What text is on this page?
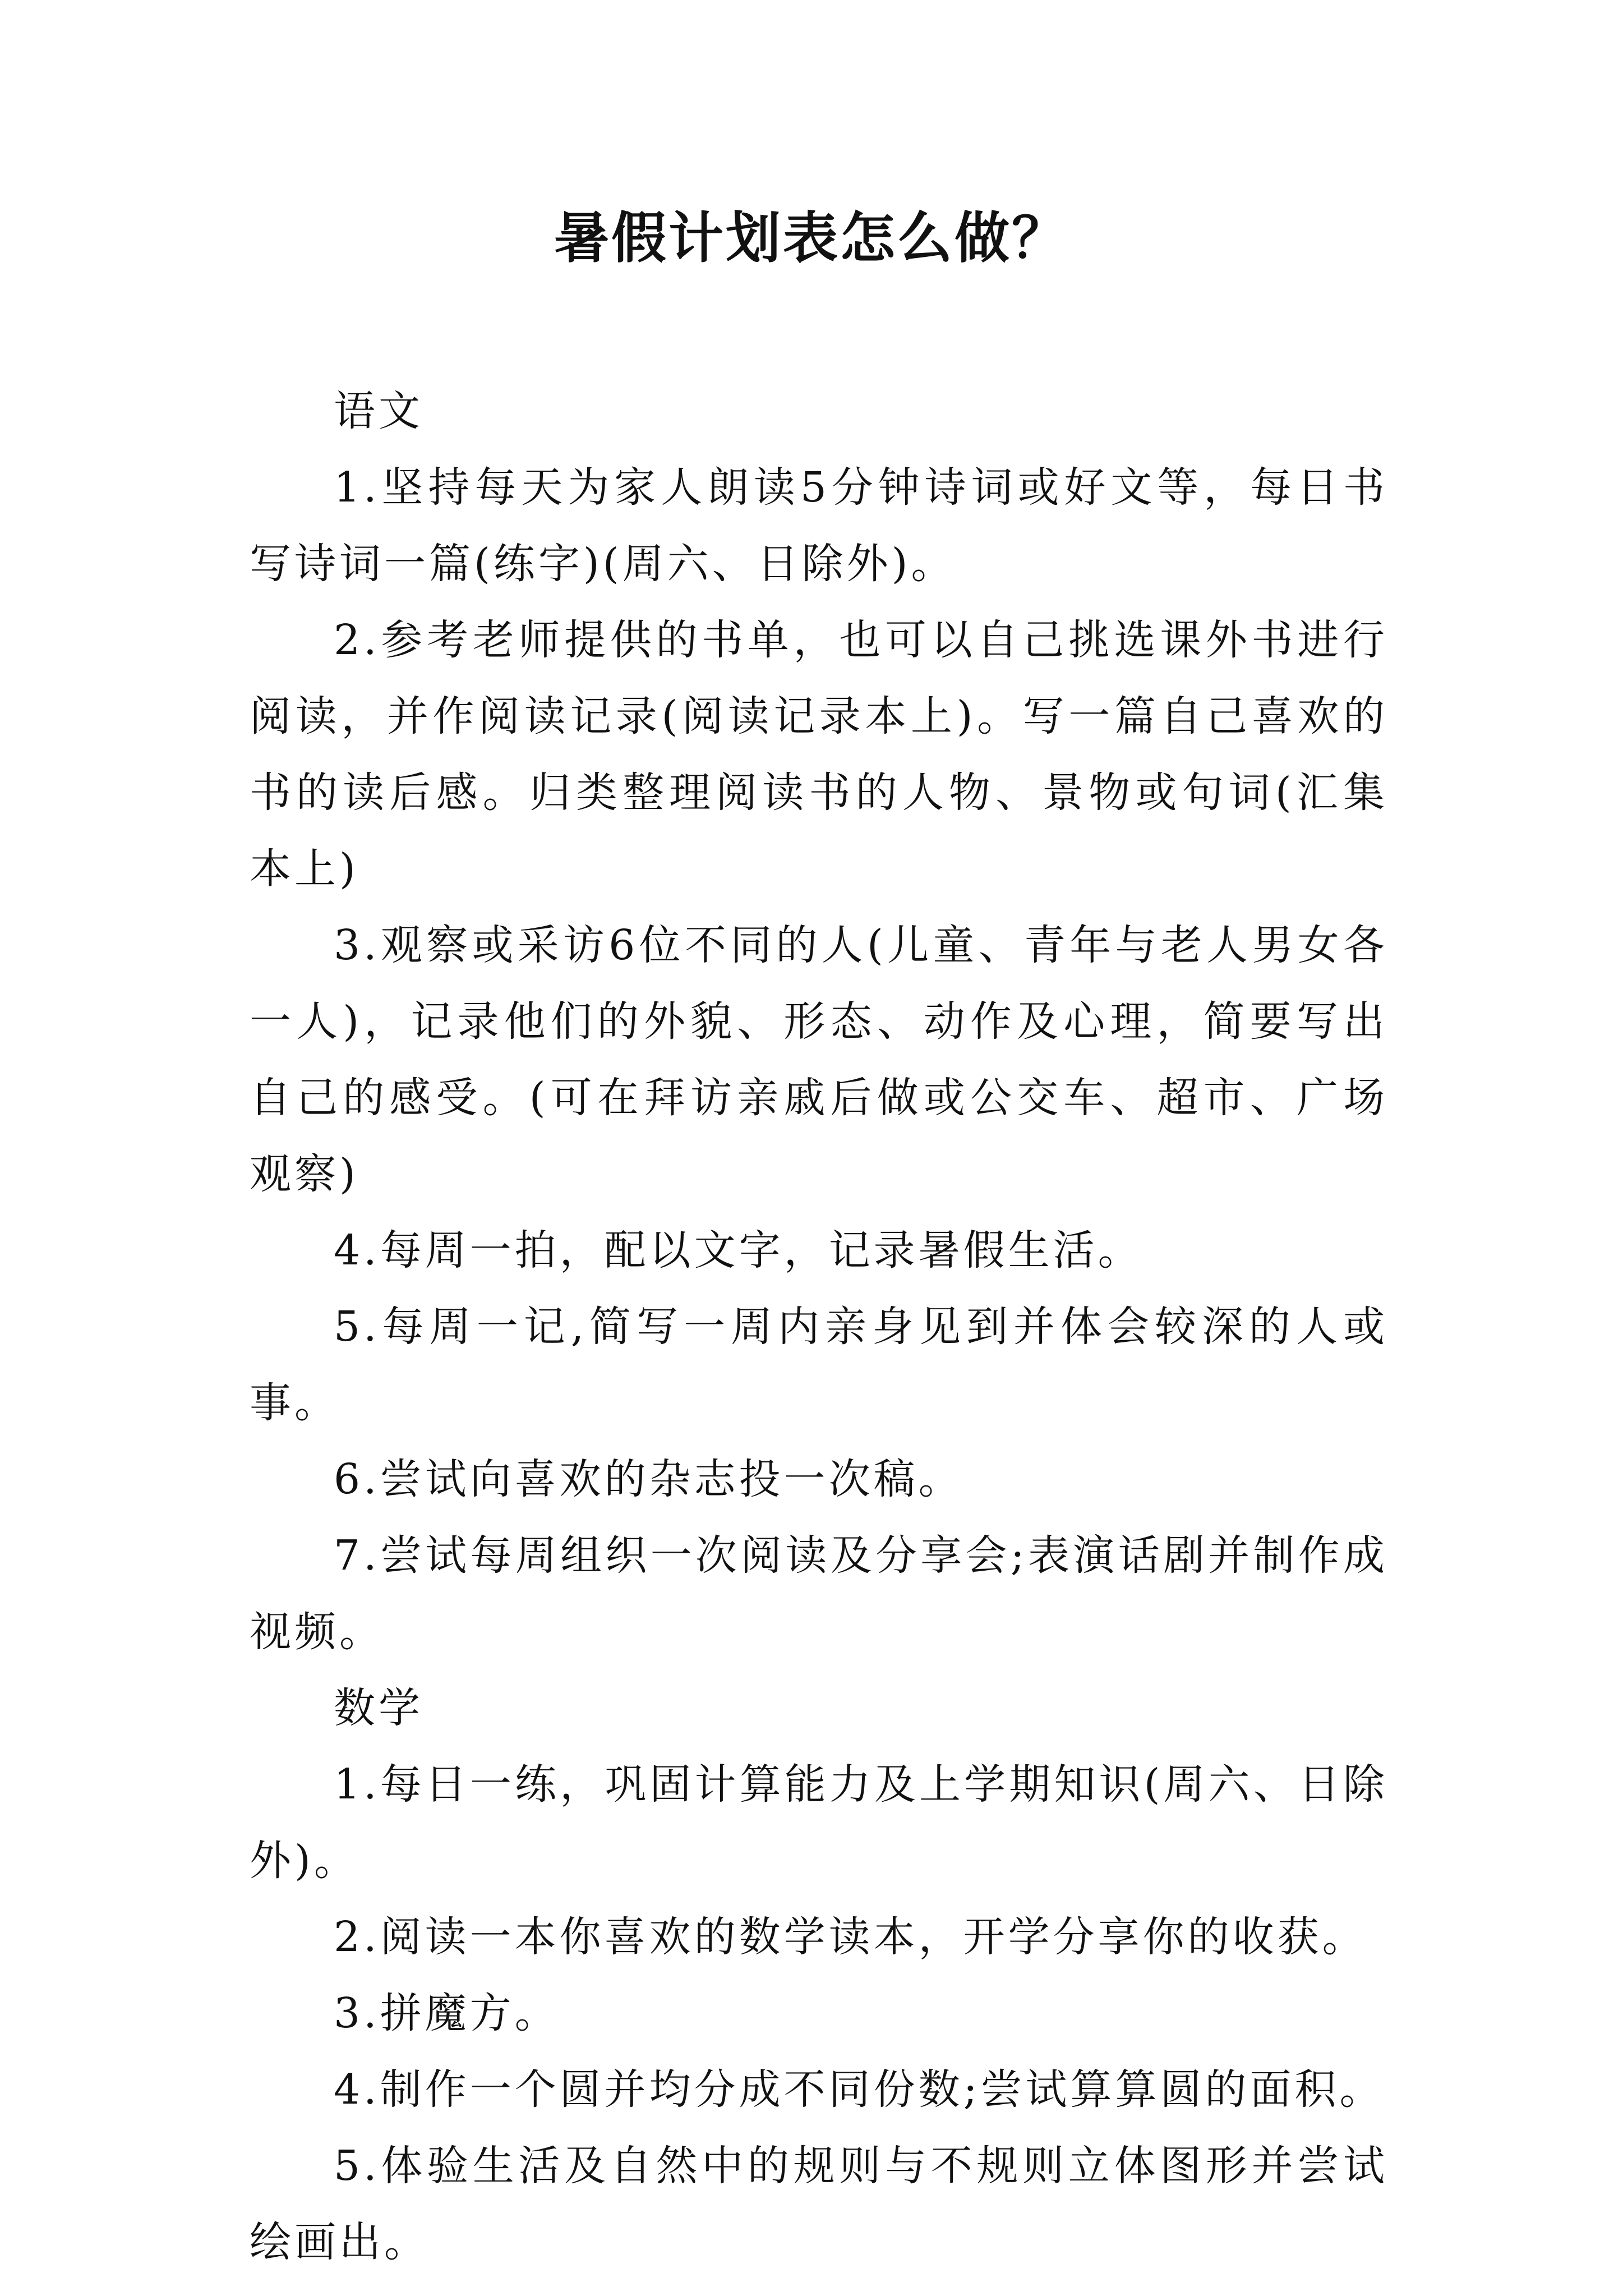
暑假计划表怎么做？

语文

1.坚持每天为家人朗读5分钟诗词或好文等，每日书写诗词一篇(练字)(周六、日除外)。

2.参考老师提供的书单，也可以自己挑选课外书进行阅读，并作阅读记录(阅读记录本上)。写一篇自己喜欢的书的读后感。归类整理阅读书的人物、景物或句词(汇集本上)

3.观察或采访6位不同的人(儿童、青年与老人男女各一人)，记录他们的外貌、形态、动作及心理，简要写出自己的感受。(可在拜访亲戚后做或公交车、超市、广场观察)

4.每周一拍，配以文字，记录暑假生活。

5.每周一记,简写一周内亲身见到并体会较深的人或事。

6.尝试向喜欢的杂志投一次稿。

7.尝试每周组织一次阅读及分享会;表演话剧并制作成视频。

数学

1.每日一练，巩固计算能力及上学期知识(周六、日除外)。

2.阅读一本你喜欢的数学读本，开学分享你的收获。

3.拼魔方。

4.制作一个圆并均分成不同份数;尝试算算圆的面积。

5.体验生活及自然中的规则与不规则立体图形并尝试绘画出。
